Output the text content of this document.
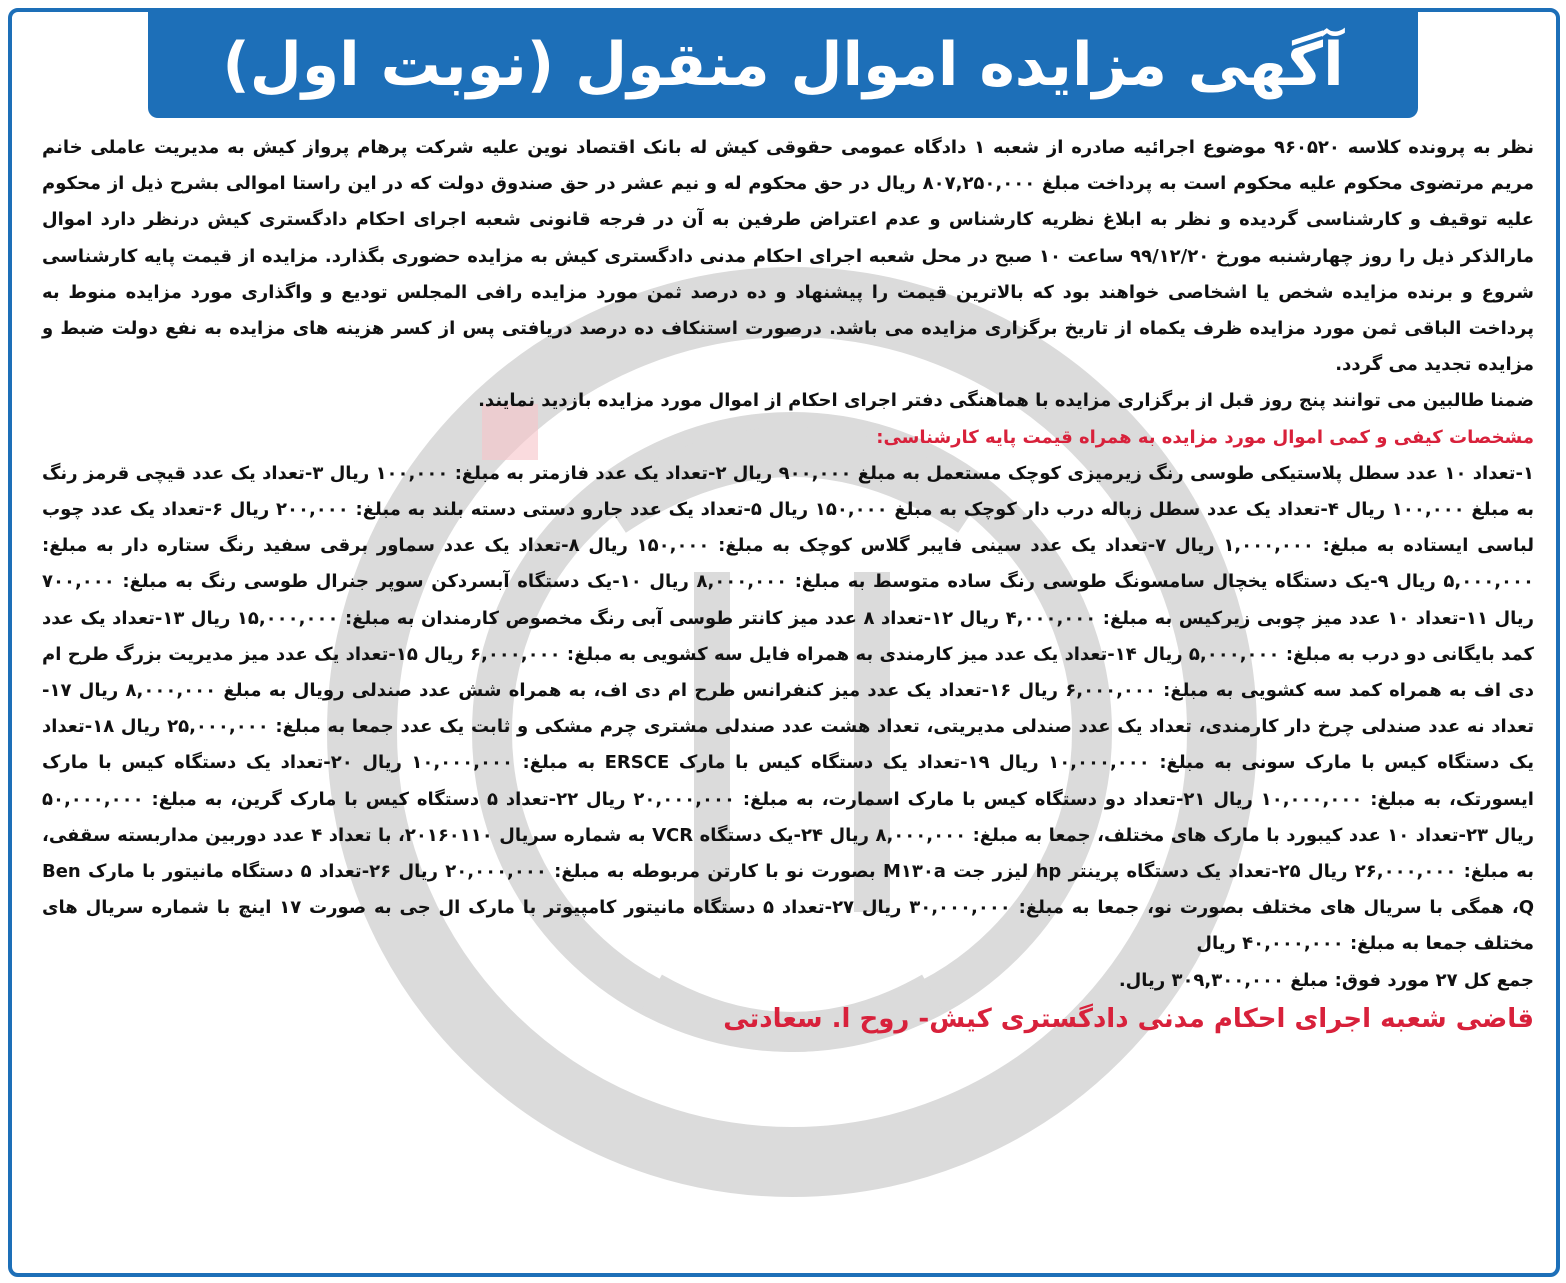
آگهی مزایده اموال منقول (نوبت اول)

نظر به پرونده کلاسه ۹۶۰۵۲۰ موضوع اجرائیه صادره از شعبه ۱ دادگاه عمومی حقوقی کیش له بانک اقتصاد نوین علیه شرکت پرهام پرواز کیش به مدیریت عاملی خانم مریم مرتضوی محکوم علیه محکوم است به پرداخت مبلغ ۸۰۷,۲۵۰,۰۰۰ ریال در حق محکوم له و نیم عشر در حق صندوق دولت که در این راستا اموالی بشرح ذیل از محکوم علیه توقیف و کارشناسی گردیده و نظر به ابلاغ نظریه کارشناس و عدم اعتراض طرفین به آن در فرجه قانونی شعبه اجرای احکام دادگستری کیش درنظر دارد اموال مارالذکر ذیل را روز چهارشنبه مورخ ۹۹/۱۲/۲۰ ساعت ۱۰ صبح در محل شعبه اجرای احکام مدنی دادگستری کیش به مزایده حضوری بگذارد. مزایده از قیمت پایه کارشناسی شروع و برنده مزایده شخص یا اشخاصی خواهند بود که بالاترین قیمت را پیشنهاد و ده درصد ثمن مورد مزایده رافی المجلس تودیع و واگذاری مورد مزایده منوط به پرداخت الباقی ثمن مورد مزایده ظرف یکماه از تاریخ برگزاری مزایده می باشد. درصورت استنکاف ده درصد دریافتی پس از کسر هزینه های مزایده به نفع دولت ضبط و مزایده تجدید می گردد.

ضمنا طالبین می توانند پنج روز قبل از برگزاری مزایده با هماهنگی دفتر اجرای احکام از اموال مورد مزایده بازدید نمایند.

مشخصات کیفی و کمی اموال مورد مزایده به همراه قیمت پایه کارشناسی:

۱-تعداد ۱۰ عدد سطل پلاستیکی طوسی رنگ زیرمیزی کوچک مستعمل به مبلغ ۹۰۰,۰۰۰ ریال ۲-تعداد یک عدد فازمتر به مبلغ: ۱۰۰,۰۰۰ ریال ۳-تعداد یک عدد قیچی قرمز رنگ به مبلغ ۱۰۰,۰۰۰ ریال ۴-تعداد یک عدد سطل زباله درب دار کوچک به مبلغ ۱۵۰,۰۰۰ ریال ۵-تعداد یک عدد جارو دستی دسته بلند به مبلغ: ۲۰۰,۰۰۰ ریال ۶-تعداد یک عدد چوب لباسی ایستاده به مبلغ: ۱,۰۰۰,۰۰۰ ریال ۷-تعداد یک عدد سینی فایبر گلاس کوچک به مبلغ: ۱۵۰,۰۰۰ ریال ۸-تعداد یک عدد سماور برقی سفید رنگ ستاره دار به مبلغ: ۵,۰۰۰,۰۰۰ ریال ۹-یک دستگاه یخچال سامسونگ طوسی رنگ ساده متوسط به مبلغ: ۸,۰۰۰,۰۰۰ ریال ۱۰-یک دستگاه آبسردکن سوپر جنرال طوسی رنگ به مبلغ: ۷۰۰,۰۰۰ ریال ۱۱-تعداد ۱۰ عدد میز چوبی زیرکیس به مبلغ: ۴,۰۰۰,۰۰۰ ریال ۱۲-تعداد ۸ عدد میز کانتر طوسی آبی رنگ مخصوص کارمندان به مبلغ: ۱۵,۰۰۰,۰۰۰ ریال ۱۳-تعداد یک عدد کمد بایگانی دو درب به مبلغ: ۵,۰۰۰,۰۰۰ ریال ۱۴-تعداد یک عدد میز کارمندی به همراه فایل سه کشویی به مبلغ: ۶,۰۰۰,۰۰۰ ریال ۱۵-تعداد یک عدد میز مدیریت بزرگ طرح ام دی اف به همراه کمد سه کشویی به مبلغ: ۶,۰۰۰,۰۰۰ ریال ۱۶-تعداد یک عدد میز کنفرانس طرح ام دی اف، به همراه شش عدد صندلی رویال به مبلغ ۸,۰۰۰,۰۰۰ ریال ۱۷-تعداد نه عدد صندلی چرخ دار کارمندی، تعداد یک عدد صندلی مدیریتی، تعداد هشت عدد صندلی مشتری چرم مشکی و ثابت یک عدد جمعا به مبلغ: ۲۵,۰۰۰,۰۰۰ ریال ۱۸-تعداد یک دستگاه کیس با مارک سونی به مبلغ: ۱۰,۰۰۰,۰۰۰ ریال ۱۹-تعداد یک دستگاه کیس با مارک ERSCE به مبلغ: ۱۰,۰۰۰,۰۰۰ ریال ۲۰-تعداد یک دستگاه کیس با مارک ایسورتک، به مبلغ: ۱۰,۰۰۰,۰۰۰ ریال ۲۱-تعداد دو دستگاه کیس با مارک اسمارت، به مبلغ: ۲۰,۰۰۰,۰۰۰ ریال ۲۲-تعداد ۵ دستگاه کیس با مارک گرین، به مبلغ: ۵۰,۰۰۰,۰۰۰ ریال ۲۳-تعداد ۱۰ عدد کیبورد با مارک های مختلف، جمعا به مبلغ: ۸,۰۰۰,۰۰۰ ریال ۲۴-یک دستگاه VCR به شماره سریال ۲۰۱۶۰۱۱۰، با تعداد ۴ عدد دوربین مداربسته سقفی، به مبلغ: ۲۶,۰۰۰,۰۰۰ ریال ۲۵-تعداد یک دستگاه پرینتر hp لیزر جت M۱۳۰a بصورت نو با کارتن مربوطه به مبلغ: ۲۰,۰۰۰,۰۰۰ ریال ۲۶-تعداد ۵ دستگاه مانیتور با مارک Ben Q، همگی با سریال های مختلف بصورت نو، جمعا به مبلغ: ۳۰,۰۰۰,۰۰۰ ریال ۲۷-تعداد ۵ دستگاه مانیتور کامپیوتر با مارک ال جی به صورت ۱۷ اینچ با شماره سریال های مختلف جمعا به مبلغ: ۴۰,۰۰۰,۰۰۰ ریال

جمع کل ۲۷ مورد فوق: مبلغ ۳۰۹,۳۰۰,۰۰۰ ریال.

قاضی شعبه اجرای احکام مدنی دادگستری کیش- روح ا. سعادتی
